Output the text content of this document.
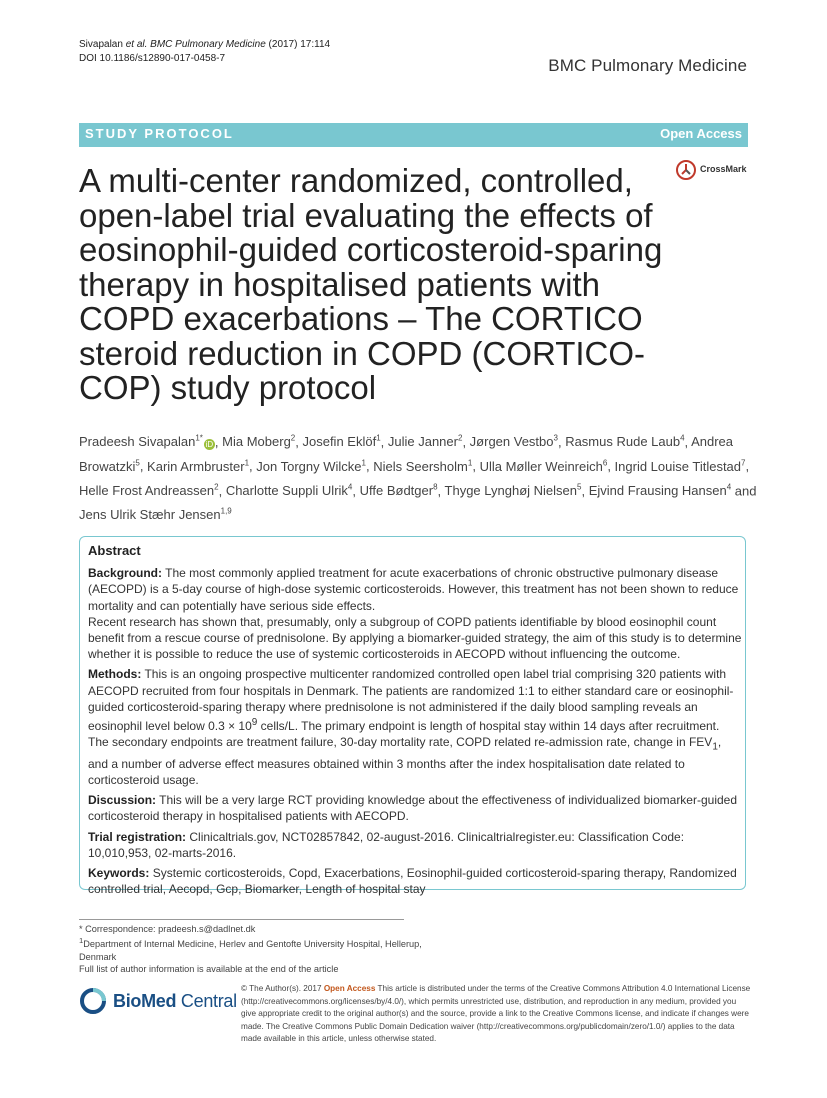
Sivapalan et al. BMC Pulmonary Medicine (2017) 17:114
DOI 10.1186/s12890-017-0458-7	BMC Pulmonary Medicine
STUDY PROTOCOL	Open Access
CrossMark
A multi-center randomized, controlled, open-label trial evaluating the effects of eosinophil-guided corticosteroid-sparing therapy in hospitalised patients with COPD exacerbations – The CORTICO steroid reduction in COPD (CORTICO-COP) study protocol
Pradeesh Sivapalan$^{1*}$iD , Mia Moberg$^2$, Josefin Eklöf$^1$, Julie Janner$^2$, Jørgen Vestbo$^3$, Rasmus Rude Laub$^4$, Andrea Browatzki$^5$, Karin Armbruster$^1$, Jon Torgny Wilcke$^1$, Niels Seersholm$^1$, Ulla Møller Weinreich$^6$, Ingrid Louise Titlestad$^7$, Helle Frost Andreassen$^2$, Charlotte Suppli Ulrik$^4$, Uffe Bødtger$^8$, Thyge Lynghøj Nielsen$^5$, Ejvind Frausing Hansen$^4$ and Jens Ulrik Stæhr Jensen$^{1,9}$
Abstract

Background: The most commonly applied treatment for acute exacerbations of chronic obstructive pulmonary disease (AECOPD) is a 5-day course of high-dose systemic corticosteroids. However, this treatment has not been shown to reduce mortality and can potentially have serious side effects.
Recent research has shown that, presumably, only a subgroup of COPD patients identifiable by blood eosinophil count benefit from a rescue course of prednisolone. By applying a biomarker-guided strategy, the aim of this study is to determine whether it is possible to reduce the use of systemic corticosteroids in AECOPD without influencing the outcome.

Methods: This is an ongoing prospective multicenter randomized controlled open label trial comprising 320 patients with AECOPD recruited from four hospitals in Denmark. The patients are randomized 1:1 to either standard care or eosinophil-guided corticosteroid-sparing therapy where prednisolone is not administered if the daily blood sampling reveals an eosinophil level below $0.3 \times 10^9$ cells/L. The primary endpoint is length of hospital stay within 14 days after recruitment. The secondary endpoints are treatment failure, 30-day mortality rate, COPD related re-admission rate, change in $FEV_1$, and a number of adverse effect measures obtained within 3 months after the index hospitalisation date related to corticosteroid usage.

Discussion: This will be a very large RCT providing knowledge about the effectiveness of individualized biomarker-guided corticosteroid therapy in hospitalised patients with AECOPD.

Trial registration: Clinicaltrials.gov, NCT02857842, 02-august-2016. Clinicaltrialregister.eu: Classification Code: 10,010,953, 02-marts-2016.

Keywords: Systemic corticosteroids, Copd, Exacerbations, Eosinophil-guided corticosteroid-sparing therapy, Randomized controlled trial, Aecopd, Gcp, Biomarker, Length of hospital stay

* Correspondence: pradeesh.s@dadlnet.dk
$^1$Department of Internal Medicine, Herlev and Gentofte University Hospital, Hellerup, Denmark
Full list of author information is available at the end of the article
BioMed Central
© The Author(s). 2017 Open Access This article is distributed under the terms of the Creative Commons Attribution 4.0 International License (http://creativecommons.org/licenses/by/4.0/), which permits unrestricted use, distribution, and reproduction in any medium, provided you give appropriate credit to the original author(s) and the source, provide a link to the Creative Commons license, and indicate if changes were made. The Creative Commons Public Domain Dedication waiver (http://creativecommons.org/publicdomain/zero/1.0/) applies to the data made available in this article, unless otherwise stated.
